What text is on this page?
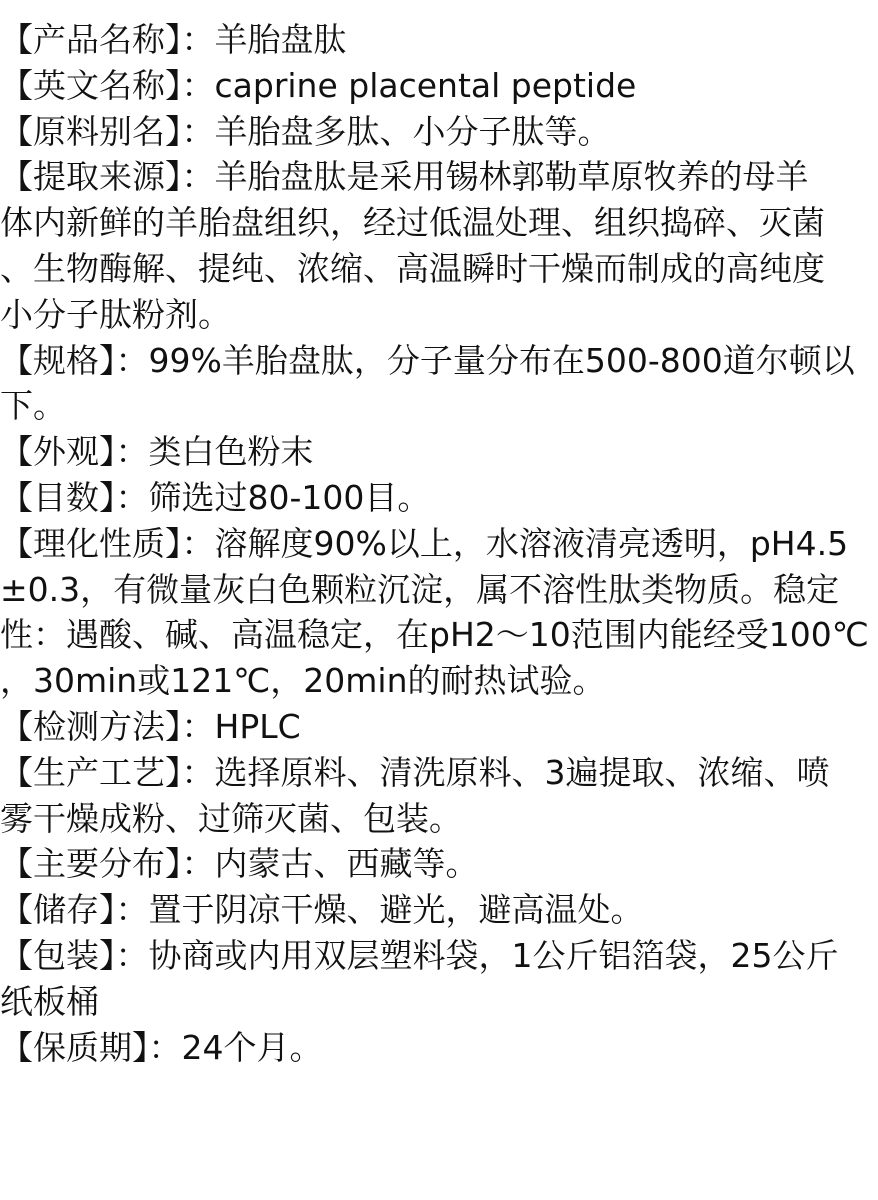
【产品名称】：羊胎盘肽
【英文名称】：caprine placental peptide
【原料别名】：羊胎盘多肽、小分子肽等。
【提取来源】：羊胎盘肽是采用锡林郭勒草原牧养的母羊
体内新鲜的羊胎盘组织，经过低温处理、组织捣碎、灭菌
、生物酶解、提纯、浓缩、高温瞬时干燥而制成的高纯度
小分子肽粉剂。
【规格】：99%羊胎盘肽，分子量分布在500-800道尔顿以
下。
【外观】：类白色粉末
【目数】：筛选过80-100目。
【理化性质】：溶解度90%以上，水溶液清亮透明，pH4.5
±0.3，有微量灰白色颗粒沉淀，属不溶性肽类物质。稳定
性：遇酸、碱、高温稳定，在pH2～10范围内能经受100℃
，30min或121℃，20min的耐热试验。
【检测方法】：HPLC
【生产工艺】：选择原料、清洗原料、3遍提取、浓缩、喷
雾干燥成粉、过筛灭菌、包装。
【主要分布】：内蒙古、西藏等。
【储存】：置于阴凉干燥、避光，避高温处。
【包装】：协商或内用双层塑料袋，1公斤铝箔袋，25公斤
纸板桶
【保质期】：24个月。
